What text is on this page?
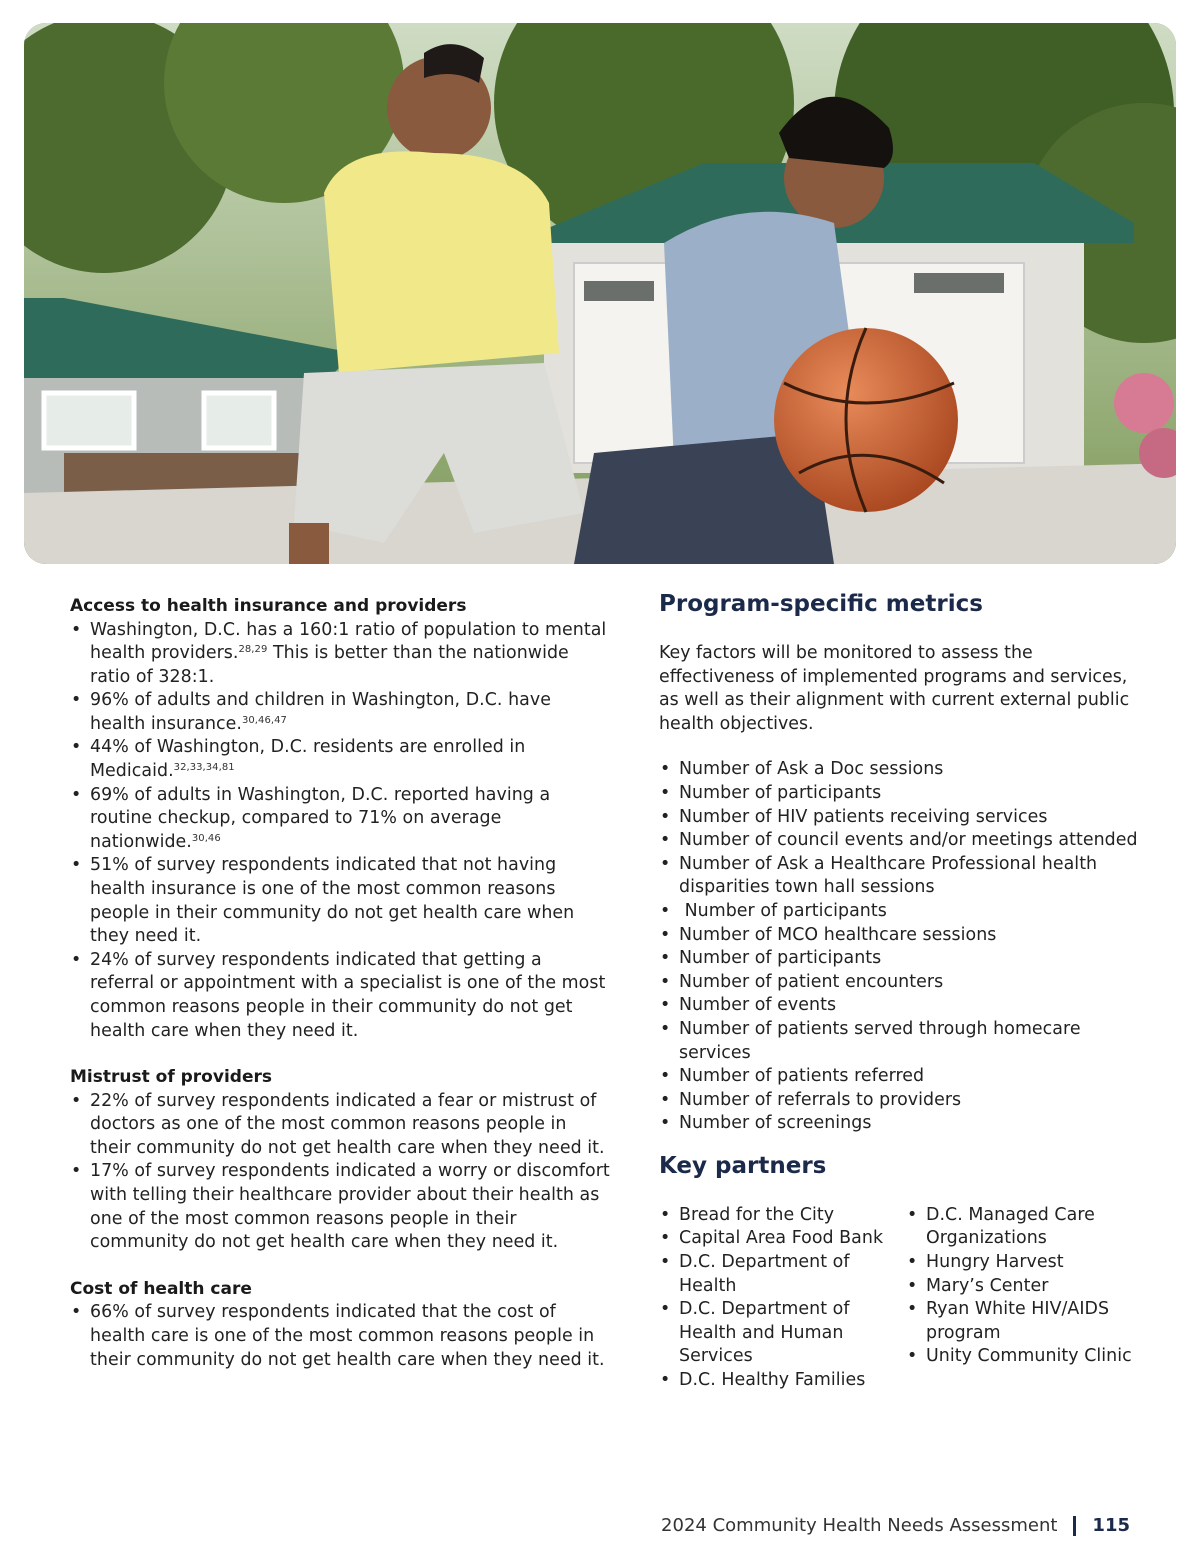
Access to health insurance and providers
• Washington, D.C. has a 160:1 ratio of population to mental health providers.$^{28,29}$ This is better than the nationwide ratio of 328:1.
• 96% of adults and children in Washington, D.C. have health insurance.$^{30,46,47}$
• 44% of Washington, D.C. residents are enrolled in Medicaid.$^{32,33,34,81}$
• 69% of adults in Washington, D.C. reported having a routine checkup, compared to 71% on average nationwide.$^{30,46}$
• 51% of survey respondents indicated that not having health insurance is one of the most common reasons people in their community do not get health care when they need it.
• 24% of survey respondents indicated that getting a referral or appointment with a specialist is one of the most common reasons people in their community do not get health care when they need it.
Mistrust of providers
• 22% of survey respondents indicated a fear or mistrust of doctors as one of the most common reasons people in their community do not get health care when they need it.
• 17% of survey respondents indicated a worry or discomfort with telling their healthcare provider about their health as one of the most common reasons people in their community do not get health care when they need it.
Cost of health care
• 66% of survey respondents indicated that the cost of health care is one of the most common reasons people in their community do not get health care when they need it.
Program-specific metrics

Key factors will be monitored to assess the effectiveness of implemented programs and services, as well as their alignment with current external public health objectives.

• Number of Ask a Doc sessions
• Number of participants
• Number of HIV patients receiving services
• Number of council events and/or meetings attended
• Number of Ask a Healthcare Professional health disparities town hall sessions
•  Number of participants
• Number of MCO healthcare sessions
• Number of participants
• Number of patient encounters
• Number of events
• Number of patients served through homecare services
• Number of patients referred
• Number of referrals to providers
• Number of screenings
Key partners
• Bread for the City
• Capital Area Food Bank
• D.C. Department of Health
• D.C. Department of Health and Human Services
• D.C. Healthy Families
• D.C. Managed Care Organizations
• Hungry Harvest
• Mary’s Center
• Ryan White HIV/AIDS program
• Unity Community Clinic
2024 Community Health Needs Assessment 115
